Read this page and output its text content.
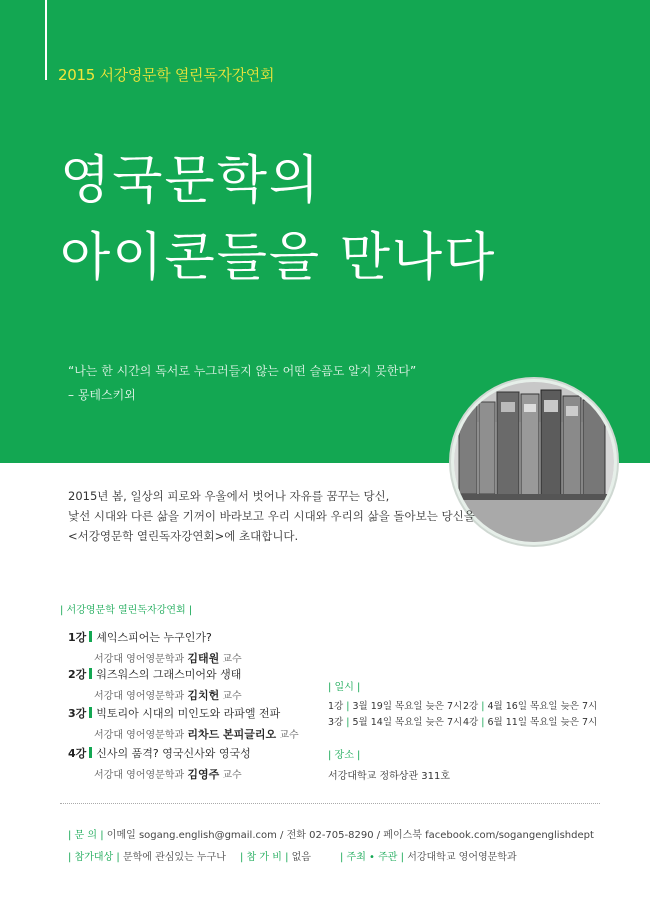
2015 서강영문학 열린독자강연회
영국문학의
아이콘들을 만나다
“나는 한 시간의 독서로 누그러들지 않는 어떤 슬픔도 알지 못한다”
– 몽테스키외
2015년 봄, 일상의 피로와 우울에서 벗어나 자유를 꿈꾸는 당신,
낯선 시대와 다른 삶을 기꺼이 바라보고 우리 시대와 우리의 삶을 돌아보는 당신을
<서강영문학 열린독자강연회>에 초대합니다.
| 서강영문학 열린독자강연회 |
1강 셰익스피어는 누구인가?
서강대 영어영문학과 김태원 교수
2강 워즈워스의 그래스미어와 생태
서강대 영어영문학과 김치헌 교수
3강 빅토리아 시대의 미인도와 라파엘 전파
서강대 영어영문학과 리차드 본피글리오 교수
4강 신사의 품격? 영국신사와 영국성
서강대 영어영문학과 김영주 교수
| 일시 |
1강 | 3월 19일 목요일 늦은 7시 2강 | 4월 16일 목요일 늦은 7시
3강 | 5월 14일 목요일 늦은 7시 4강 | 6월 11일 목요일 늦은 7시
| 장소 |
서강대학교 정하상관 311호
| 문 의 | 이메일 sogang.english@gmail.com / 전화 02-705-8290 / 페이스북 facebook.com/sogangenglishdept
| 참가대상 | 문학에 관심있는 누구나 | 참 가 비 | 없음	| 주최 • 주관 | 서강대학교 영어영문학과
